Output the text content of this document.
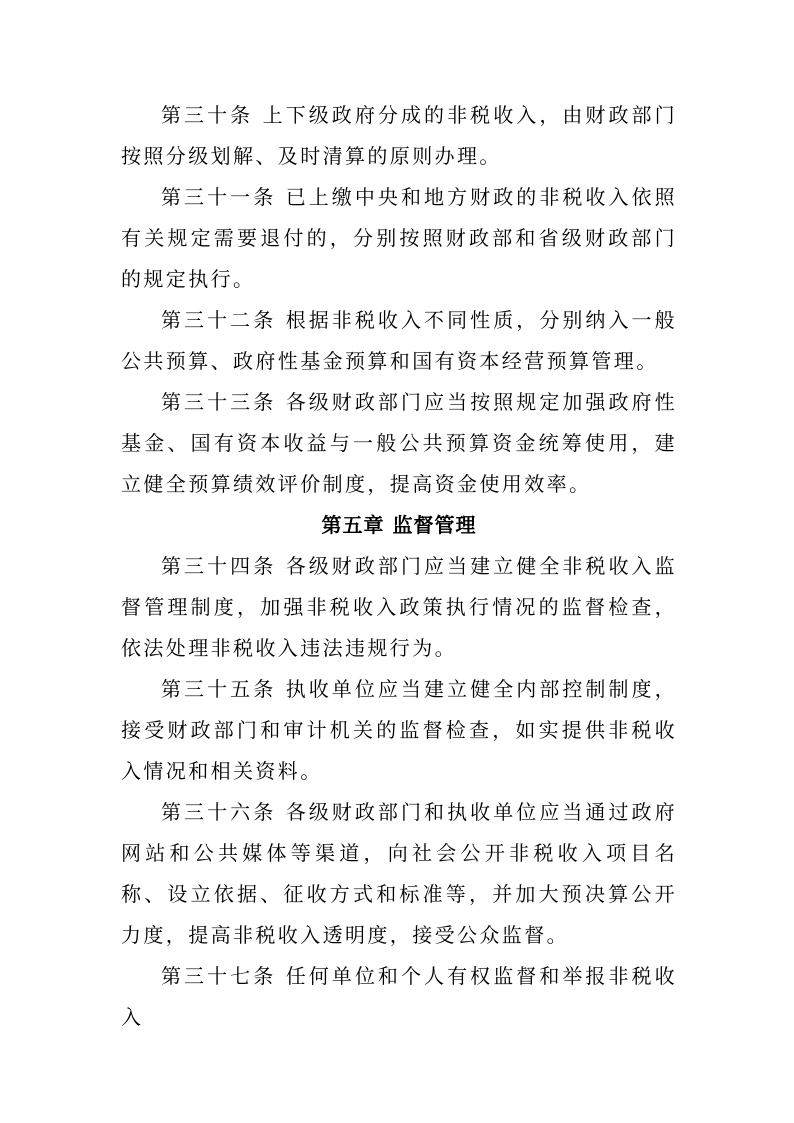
第三十条 上下级政府分成的非税收入，由财政部门按照分级划解、及时清算的原则办理。

第三十一条 已上缴中央和地方财政的非税收入依照有关规定需要退付的，分别按照财政部和省级财政部门的规定执行。

第三十二条 根据非税收入不同性质，分别纳入一般公共预算、政府性基金预算和国有资本经营预算管理。

第三十三条 各级财政部门应当按照规定加强政府性基金、国有资本收益与一般公共预算资金统筹使用，建立健全预算绩效评价制度，提高资金使用效率。

第五章 监督管理

第三十四条 各级财政部门应当建立健全非税收入监督管理制度，加强非税收入政策执行情况的监督检查，依法处理非税收入违法违规行为。

第三十五条 执收单位应当建立健全内部控制制度，接受财政部门和审计机关的监督检查，如实提供非税收入情况和相关资料。

第三十六条 各级财政部门和执收单位应当通过政府网站和公共媒体等渠道，向社会公开非税收入项目名称、设立依据、征收方式和标准等，并加大预决算公开力度，提高非税收入透明度，接受公众监督。

第三十七条 任何单位和个人有权监督和举报非税收入
